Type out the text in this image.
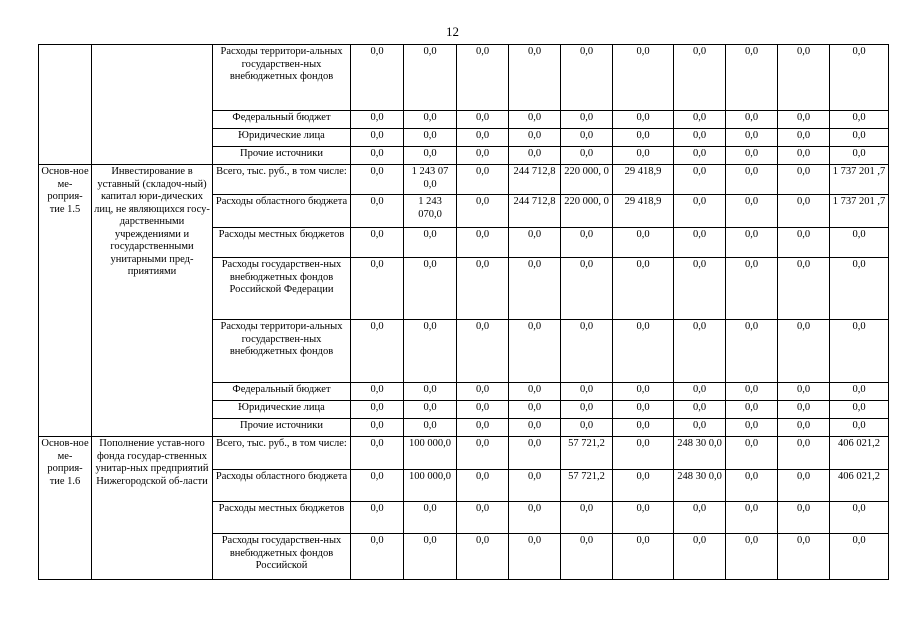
12
		Расходы территори-альных государствен-ных внебюджетных фондов	0,0	0,0	0,0	0,0	0,0	0,0	0,0	0,0	0,0	0,0
		Федеральный бюджет	0,0	0,0	0,0	0,0	0,0	0,0	0,0	0,0	0,0	0,0
		Юридические лица	0,0	0,0	0,0	0,0	0,0	0,0	0,0	0,0	0,0	0,0
		Прочие источники	0,0	0,0	0,0	0,0	0,0	0,0	0,0	0,0	0,0	0,0
Основ-ное ме-роприя-тие 1.5	Инвестирование в уставный (складоч-ный) капитал юри-дических лиц, не являющихся госу-дарственными учреждениями и государственными унитарными пред-приятиями	Всего, тыс. руб., в том числе:	0,0	1 243 07 0,0	0,0	244 712,8	220 000, 0	29 418,9	0,0	0,0	0,0	1 737 201 ,7
		Расходы областного бюджета	0,0	1 243 070,0	0,0	244 712,8	220 000, 0	29 418,9	0,0	0,0	0,0	1 737 201 ,7
		Расходы местных бюджетов	0,0	0,0	0,0	0,0	0,0	0,0	0,0	0,0	0,0	0,0
		Расходы государствен-ных внебюджетных фондов Российской Федерации	0,0	0,0	0,0	0,0	0,0	0,0	0,0	0,0	0,0	0,0
		Расходы территори-альных государствен-ных внебюджетных фондов	0,0	0,0	0,0	0,0	0,0	0,0	0,0	0,0	0,0	0,0
		Федеральный бюджет	0,0	0,0	0,0	0,0	0,0	0,0	0,0	0,0	0,0	0,0
		Юридические лица	0,0	0,0	0,0	0,0	0,0	0,0	0,0	0,0	0,0	0,0
		Прочие источники	0,0	0,0	0,0	0,0	0,0	0,0	0,0	0,0	0,0	0,0
Основ-ное ме-роприя-тие 1.6	Пополнение устав-ного фонда государ-ственных унитар-ных предприятий Нижегородской об-ласти	Всего, тыс. руб., в том числе:	0,0	100 000,0	0,0	0,0	57 721,2	0,0	248 30 0,0	0,0	0,0	406 021,2
		Расходы областного бюджета	0,0	100 000,0	0,0	0,0	57 721,2	0,0	248 30 0,0	0,0	0,0	406 021,2
		Расходы местных бюджетов	0,0	0,0	0,0	0,0	0,0	0,0	0,0	0,0	0,0	0,0
		Расходы государствен-ных внебюджетных фондов Российской	0,0	0,0	0,0	0,0	0,0	0,0	0,0	0,0	0,0	0,0
